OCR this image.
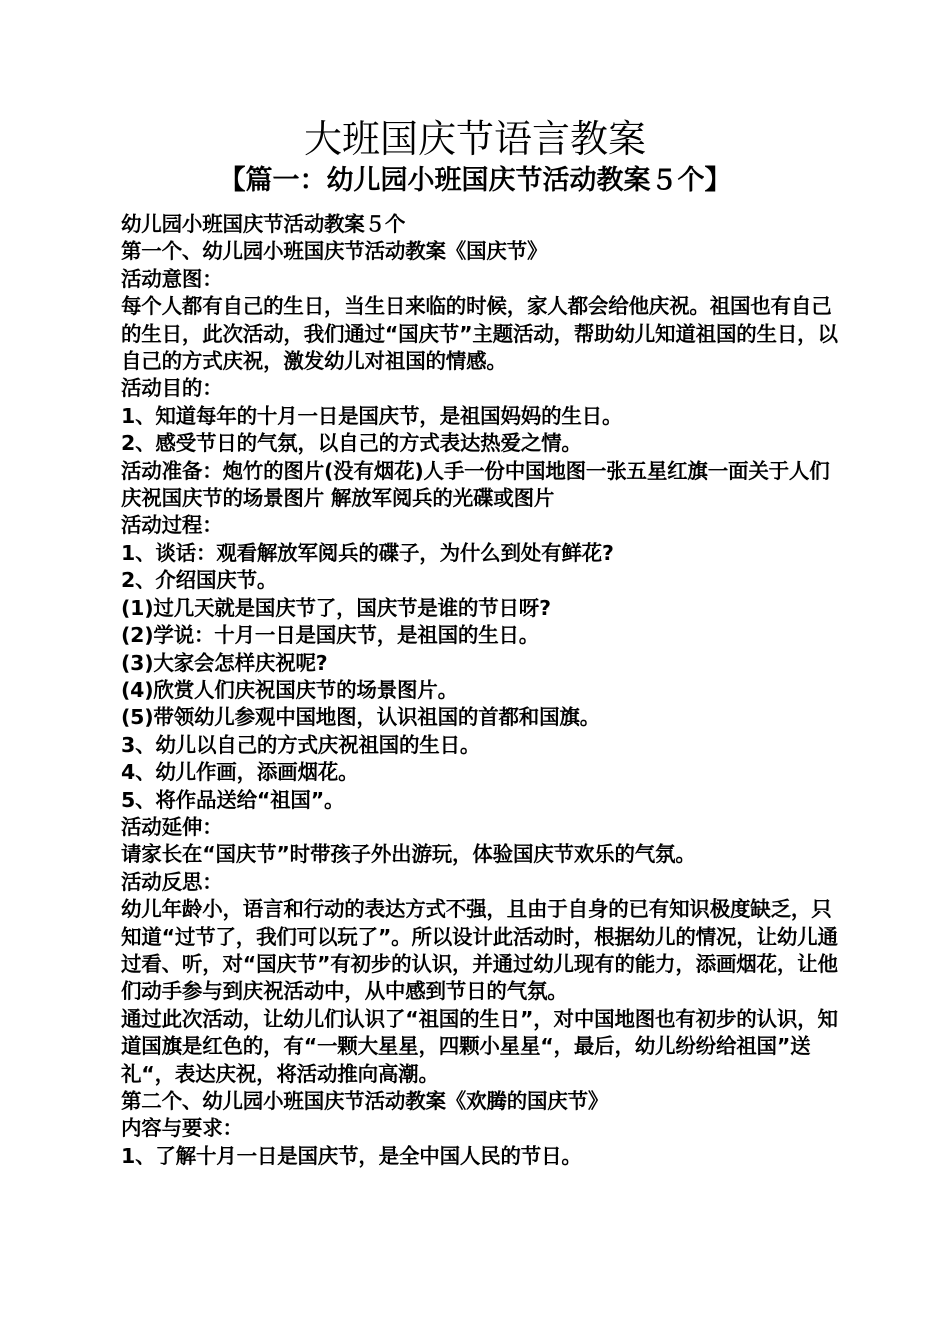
大班国庆节语言教案
【篇一：幼儿园小班国庆节活动教案５个】

幼儿园小班国庆节活动教案５个

第一个、幼儿园小班国庆节活动教案《国庆节》

活动意图：

每个人都有自己的生日，当生日来临的时候，家人都会给他庆祝。祖国也有自己的生日，此次活动，我们通过“国庆节”主题活动，帮助幼儿知道祖国的生日，以自己的方式庆祝，激发幼儿对祖国的情感。

活动目的：

1、知道每年的十月一日是国庆节，是祖国妈妈的生日。

2、感受节日的气氛，以自己的方式表达热爱之情。

活动准备：炮竹的图片(没有烟花)人手一份中国地图一张五星红旗一面关于人们庆祝国庆节的场景图片 解放军阅兵的光碟或图片

活动过程：

1、谈话：观看解放军阅兵的碟子，为什么到处有鲜花?

2、介绍国庆节。

(1)过几天就是国庆节了，国庆节是谁的节日呀?

(2)学说：十月一日是国庆节，是祖国的生日。

(3)大家会怎样庆祝呢?

(4)欣赏人们庆祝国庆节的场景图片。

(5)带领幼儿参观中国地图，认识祖国的首都和国旗。

3、幼儿以自己的方式庆祝祖国的生日。

4、幼儿作画，添画烟花。

5、将作品送给“祖国”。

活动延伸：

请家长在“国庆节”时带孩子外出游玩，体验国庆节欢乐的气氛。

活动反思：

幼儿年龄小，语言和行动的表达方式不强，且由于自身的已有知识极度缺乏，只知道“过节了，我们可以玩了”。所以设计此活动时，根据幼儿的情况，让幼儿通过看、听，对“国庆节”有初步的认识，并通过幼儿现有的能力，添画烟花，让他们动手参与到庆祝活动中，从中感到节日的气氛。

通过此次活动，让幼儿们认识了“祖国的生日”，对中国地图也有初步的认识，知道国旗是红色的，有“一颗大星星，四颗小星星“，最后，幼儿纷纷给祖国”送礼“，表达庆祝，将活动推向高潮。

第二个、幼儿园小班国庆节活动教案《欢腾的国庆节》

内容与要求：

1、了解十月一日是国庆节，是全中国人民的节日。
